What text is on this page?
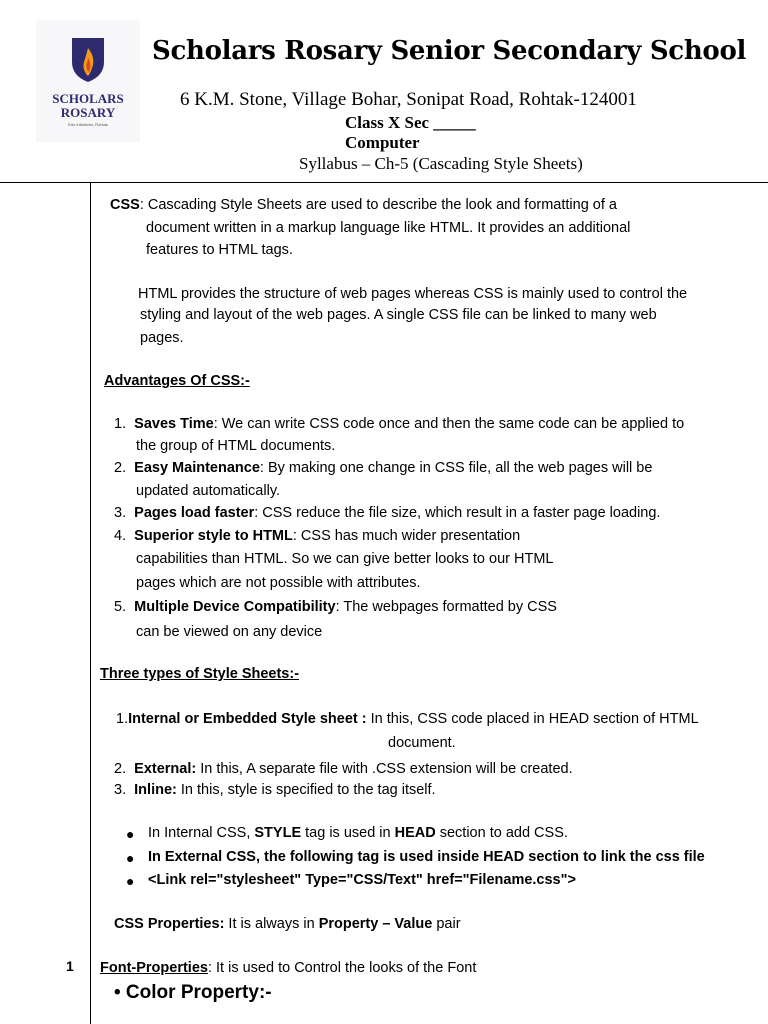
SCHOLARS
ROSARY
Edu Initiatives, Rohtak
Scholars Rosary Senior Secondary School
6 K.M. Stone, Village Bohar, Sonipat Road, Rohtak-124001
Class X Sec _____
Computer
Syllabus – Ch-5 (Cascading Style Sheets)
CSS: Cascading Style Sheets are used to describe the look and formatting of a
document written in a markup language like HTML. It provides an additional
features to HTML tags.
HTML provides the structure of web pages whereas CSS is mainly used to control the
styling and layout of the web pages. A single CSS file can be linked to many web
pages.
Advantages Of CSS:-
1. Saves Time: We can write CSS code once and then the same code can be applied to
the group of HTML documents.
2. Easy Maintenance: By making one change in CSS file, all the web pages will be
updated automatically.
3. Pages load faster: CSS reduce the file size, which result in a faster page loading.
4. Superior style to HTML: CSS has much wider presentation
capabilities than HTML. So we can give better looks to our HTML
pages which are not possible with attributes.
5. Multiple Device Compatibility: The webpages formatted by CSS
can be viewed on any device
Three types of Style Sheets:-
1.Internal or Embedded Style sheet : In this, CSS code placed in HEAD section of HTML
document.
2. External: In this, A separate file with .CSS extension will be created.
3. Inline: In this, style is specified to the tag itself.
● In Internal CSS, STYLE tag is used in HEAD section to add CSS.
● In External CSS, the following tag is used inside HEAD section to link the css file
● <Link rel="stylesheet" Type="CSS/Text" href="Filename.css">
CSS Properties: It is always in Property – Value pair
1 Font-Properties: It is used to Control the looks of the Font
• Color Property:-
